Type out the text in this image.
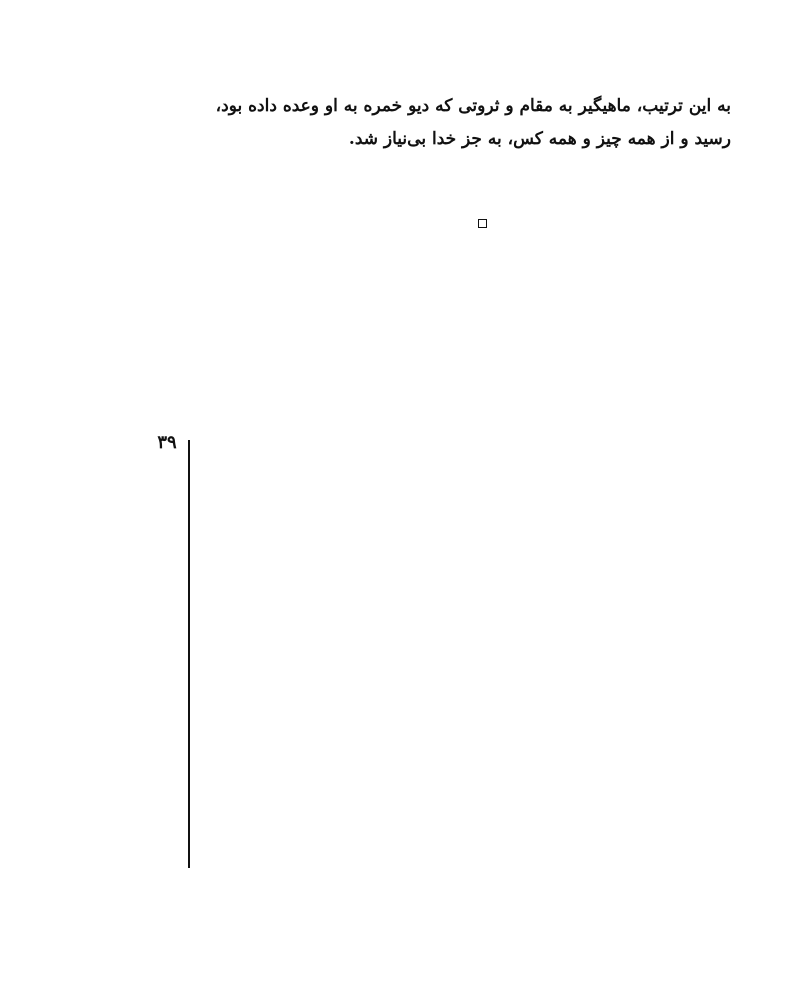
به این ترتیب، ماهیگیر به مقام و ثروتی که دیو خمره به او وعده داده بود،
رسید و از همه چیز و همه کس، به جز خدا بی‌نیاز شد.
۳۹
